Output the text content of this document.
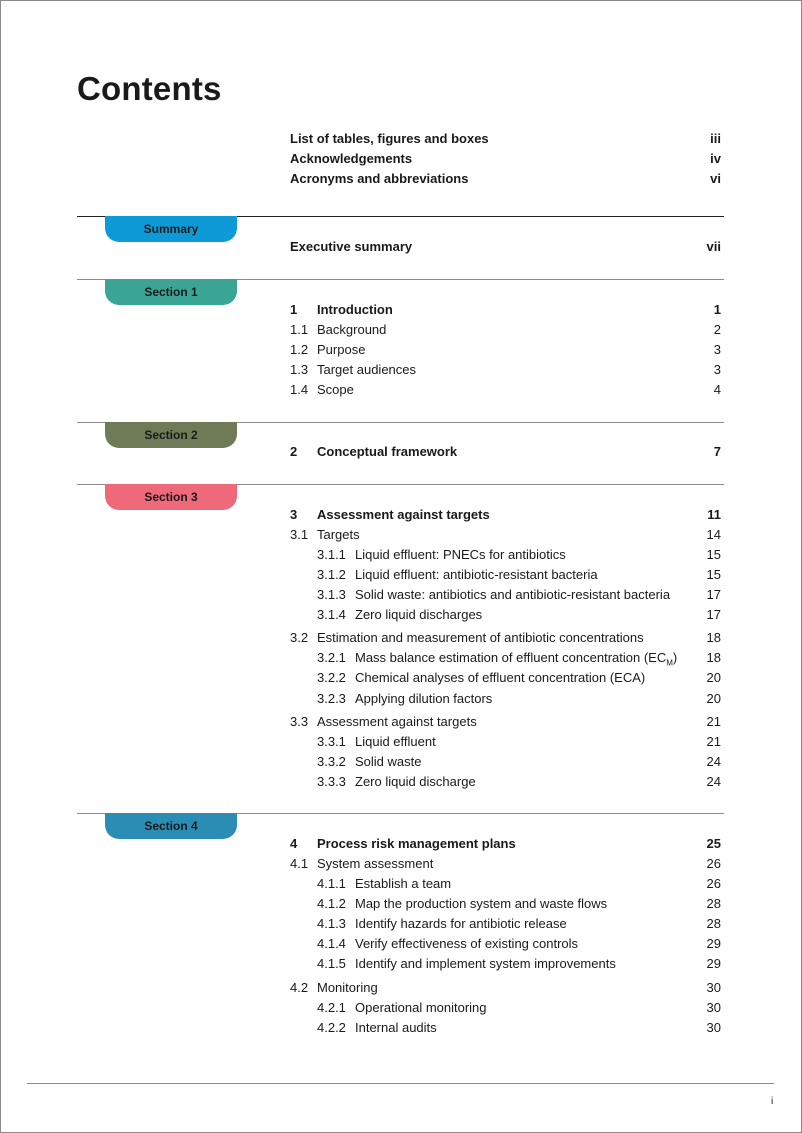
Contents
List of tables, figures and boxes	iii
Acknowledgements	iv
Acronyms and abbreviations	vi
Summary
Executive summary	vii
Section 1
1 Introduction	1
1.1 Background	2
1.2 Purpose	3
1.3 Target audiences	3
1.4 Scope	4
Section 2
2 Conceptual framework	7
Section 3
3 Assessment against targets	11
3.1 Targets	14
3.1.1 Liquid effluent: PNECs for antibiotics	15
3.1.2 Liquid effluent: antibiotic-resistant bacteria	15
3.1.3 Solid waste: antibiotics and antibiotic-resistant bacteria	17
3.1.4 Zero liquid discharges	17
3.2 Estimation and measurement of antibiotic concentrations	18
3.2.1 Mass balance estimation of effluent concentration $(EC_M)$ 18
3.2.2 Chemical analyses of effluent concentration (ECA)	20
3.2.3 Applying dilution factors	20
3.3 Assessment against targets	21
3.3.1 Liquid effluent	21
3.3.2 Solid waste	24
3.3.3 Zero liquid discharge	24
Section 4
4 Process risk management plans	25
4.1 System assessment	26
4.1.1 Establish a team	26
4.1.2 Map the production system and waste flows	28
4.1.3 Identify hazards for antibiotic release	28
4.1.4 Verify effectiveness of existing controls	29
4.1.5 Identify and implement system improvements	29
4.2 Monitoring	30
4.2.1 Operational monitoring	30
4.2.2 Internal audits	30
i
